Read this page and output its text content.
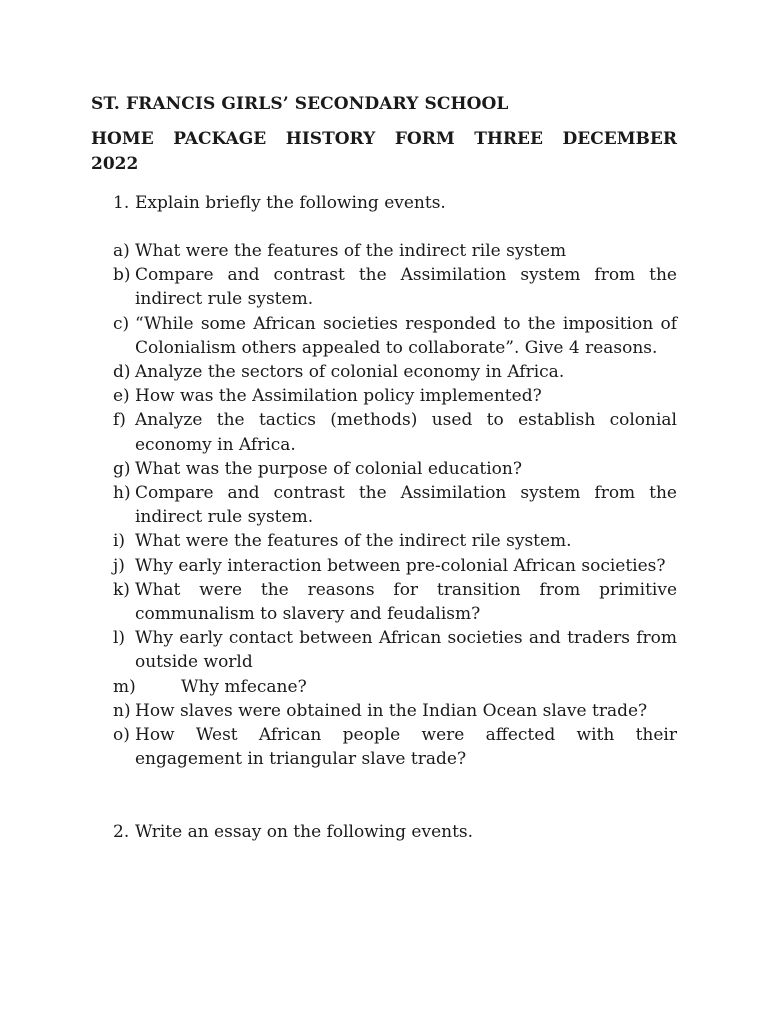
ST. FRANCIS GIRLS’ SECONDARY SCHOOL

HOME PACKAGE HISTORY FORM THREE DECEMBER
2022

1. Explain briefly the following events.

a) What were the features of the indirect rile system
b) Compare and contrast the Assimilation system from the indirect rule system.
c) “While some African societies responded to the imposition of Colonialism others appealed to collaborate”. Give 4 reasons.
d) Analyze the sectors of colonial economy in Africa.
e) How was the Assimilation policy implemented?
f) Analyze the tactics (methods) used to establish colonial economy in Africa.
g) What was the purpose of colonial education?
h) Compare and contrast the Assimilation system from the indirect rule system.
i) What were the features of the indirect rile system.
j) Why early interaction between pre-colonial African societies?
k) What were the reasons for transition from primitive communalism to slavery and feudalism?
l) Why early contact between African societies and traders from outside world
m)	Why mfecane?
n) How slaves were obtained in the Indian Ocean slave trade?
o) How West African people were affected with their engagement in triangular slave trade?

2. Write an essay on the following events.
